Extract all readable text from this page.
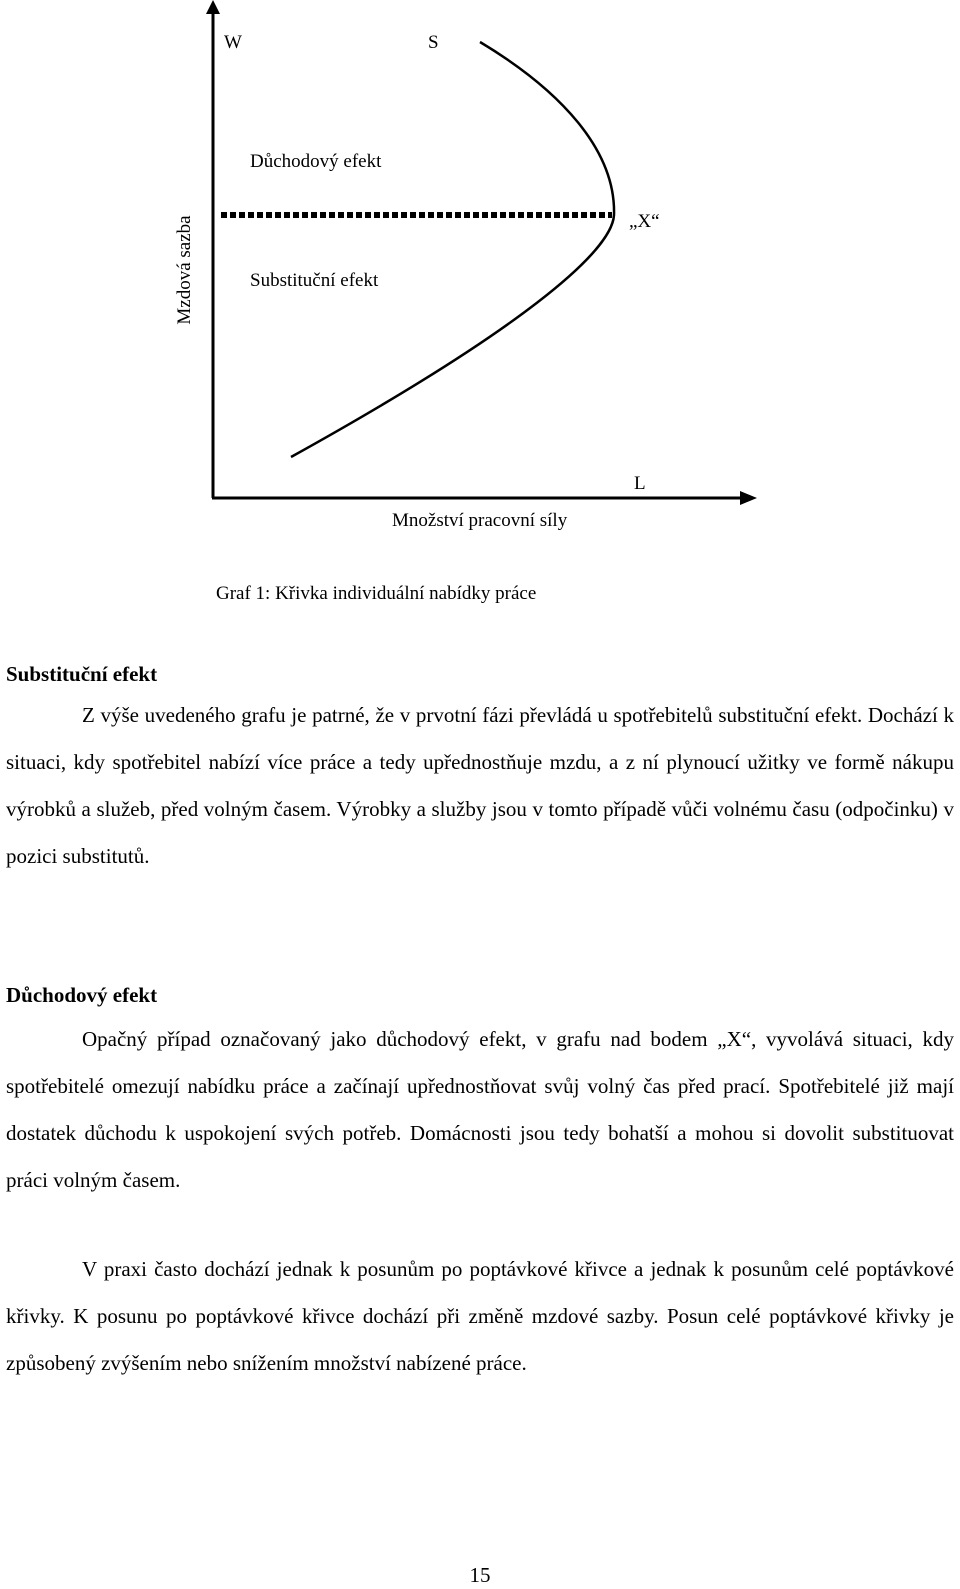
W	S
Důchodový efekt
„X“
Substituční efekt
Mzdová sazba
L
Množství pracovní síly
Graf 1: Křivka individuální nabídky práce
Substituční efekt
Z výše uvedeného grafu je patrné, že v prvotní fázi převládá u spotřebitelů substituční efekt. Dochází k situaci, kdy spotřebitel nabízí více práce a tedy upřednostňuje mzdu, a z ní plynoucí užitky ve formě nákupu výrobků a služeb, před volným časem. Výrobky a služby jsou v tomto případě vůči volnému času (odpočinku) v pozici substitutů.
Důchodový efekt
Opačný případ označovaný jako důchodový efekt, v grafu nad bodem „X“, vyvolává situaci, kdy spotřebitelé omezují nabídku práce a začínají upřednostňovat svůj volný čas před prací. Spotřebitelé již mají dostatek důchodu k uspokojení svých potřeb. Domácnosti jsou tedy bohatší a mohou si dovolit substituovat práci volným časem.
V praxi často dochází jednak k posunům po poptávkové křivce a jednak k posunům celé poptávkové křivky. K posunu po poptávkové křivce dochází při změně mzdové sazby. Posun celé poptávkové křivky je způsobený zvýšením nebo snížením množství nabízené práce.
15
